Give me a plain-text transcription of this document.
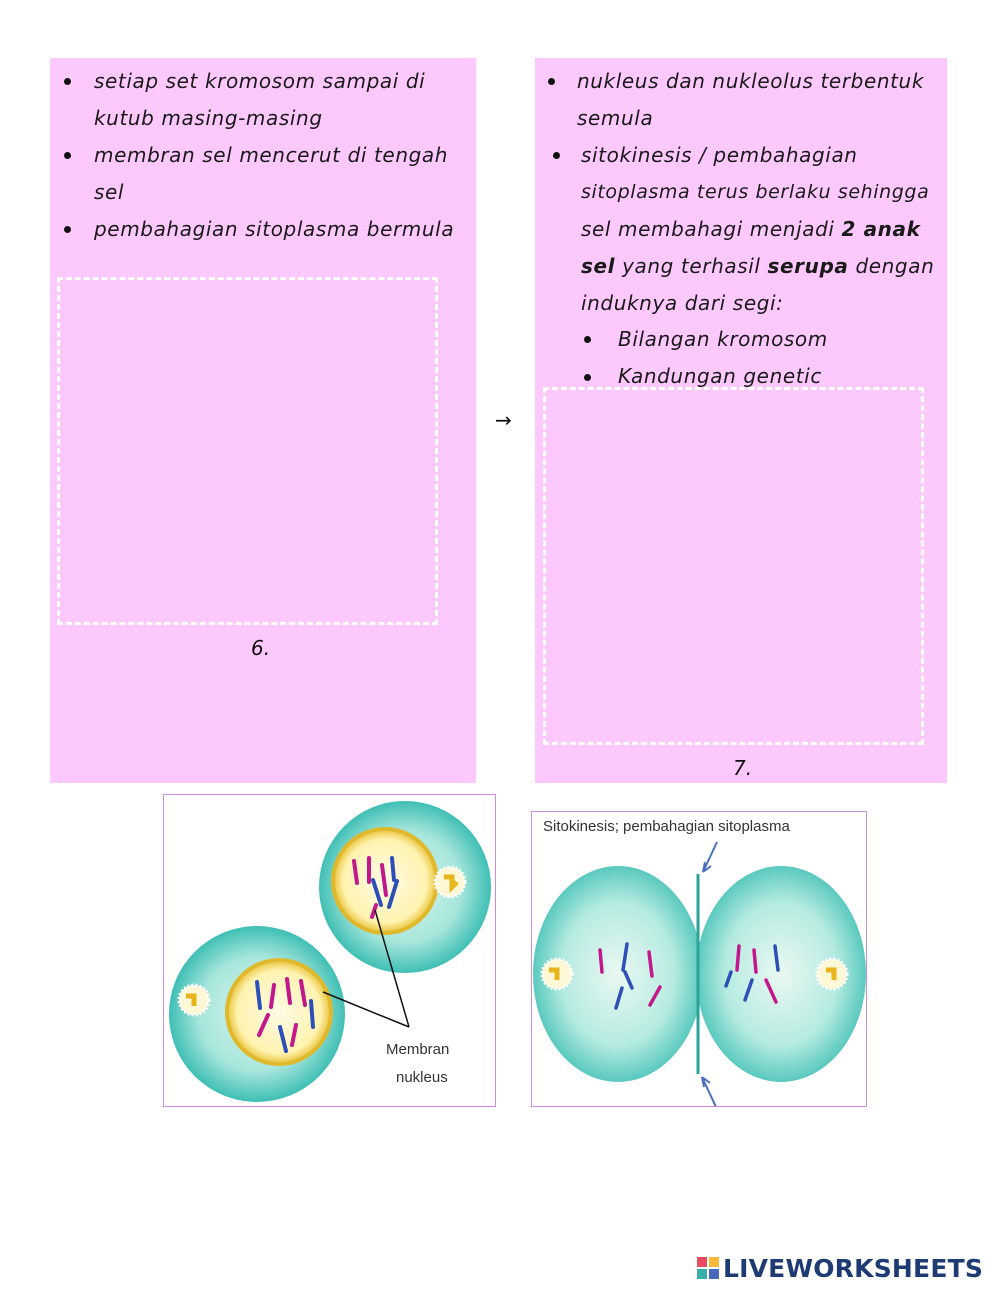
setiap set kromosom sampai di
kutub masing-masing
membran sel mencerut di tengah
sel
pembahagian sitoplasma bermula
6.
→
nukleus dan nukleolus terbentuk
semula
sitokinesis / pembahagian
sitoplasma terus berlaku sehingga
sel membahagi menjadi 2 anak
sel yang terhasil serupa dengan
induknya dari segi:
Bilangan kromosom
Kandungan genetic
7.
Membran
nukleus
Sitokinesis; pembahagian sitoplasma
LIVEWORKSHEETS
